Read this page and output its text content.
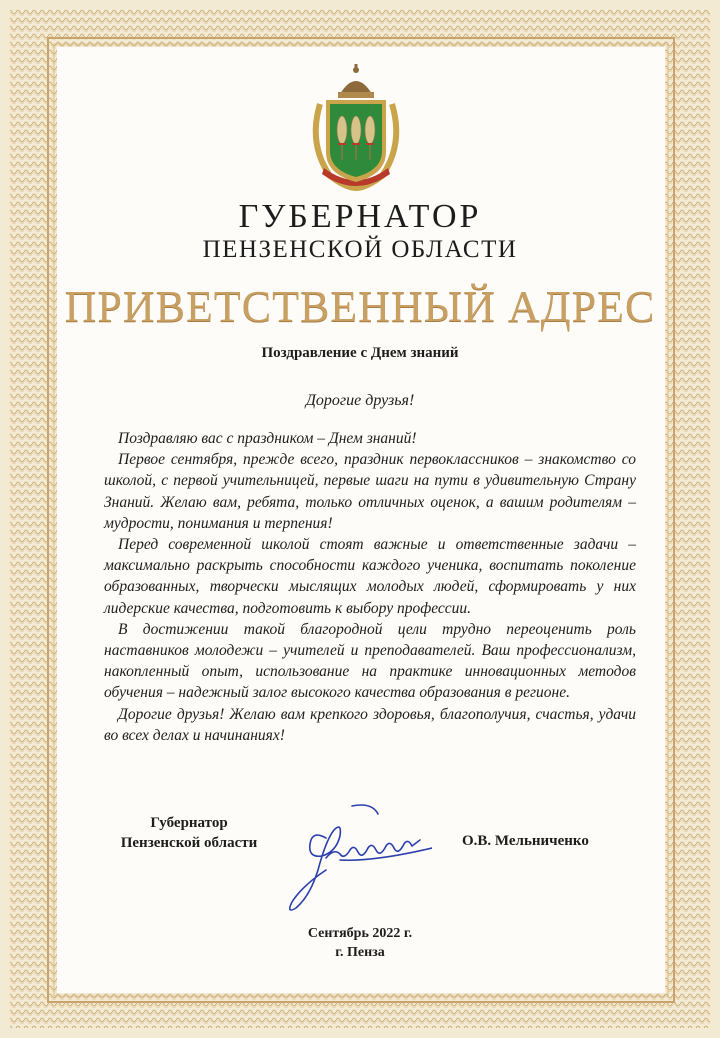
ГУБЕРНАТОР
ПЕНЗЕНСКОЙ ОБЛАСТИ
ПРИВЕТСТВЕННЫЙ АДРЕС
Поздравление с Днем знаний
Дорогие друзья!

Поздравляю вас с праздником – Днем знаний!

Первое сентября, прежде всего, праздник первоклассников – знакомство со школой, с первой учительницей, первые шаги на пути в удивительную Страну Знаний. Желаю вам, ребята, только отличных оценок, а вашим родителям – мудрости, понимания и терпения!

Перед современной школой стоят важные и ответственные задачи – максимально раскрыть способности каждого ученика, воспитать поколение образованных, творчески мыслящих молодых людей, сформировать у них лидерские качества, подготовить к выбору профессии.

В достижении такой благородной цели трудно переоценить роль наставников молодежи – учителей и преподавателей. Ваш профессионализм, накопленный опыт, использование на практике инновационных методов обучения – надежный залог высокого качества образования в регионе.

Дорогие друзья! Желаю вам крепкого здоровья, благополучия, счастья, удачи во всех делах и начинаниях!

Губернатор
Пензенской области	О.В. Мельниченко
Сентябрь 2022 г.
г. Пенза
